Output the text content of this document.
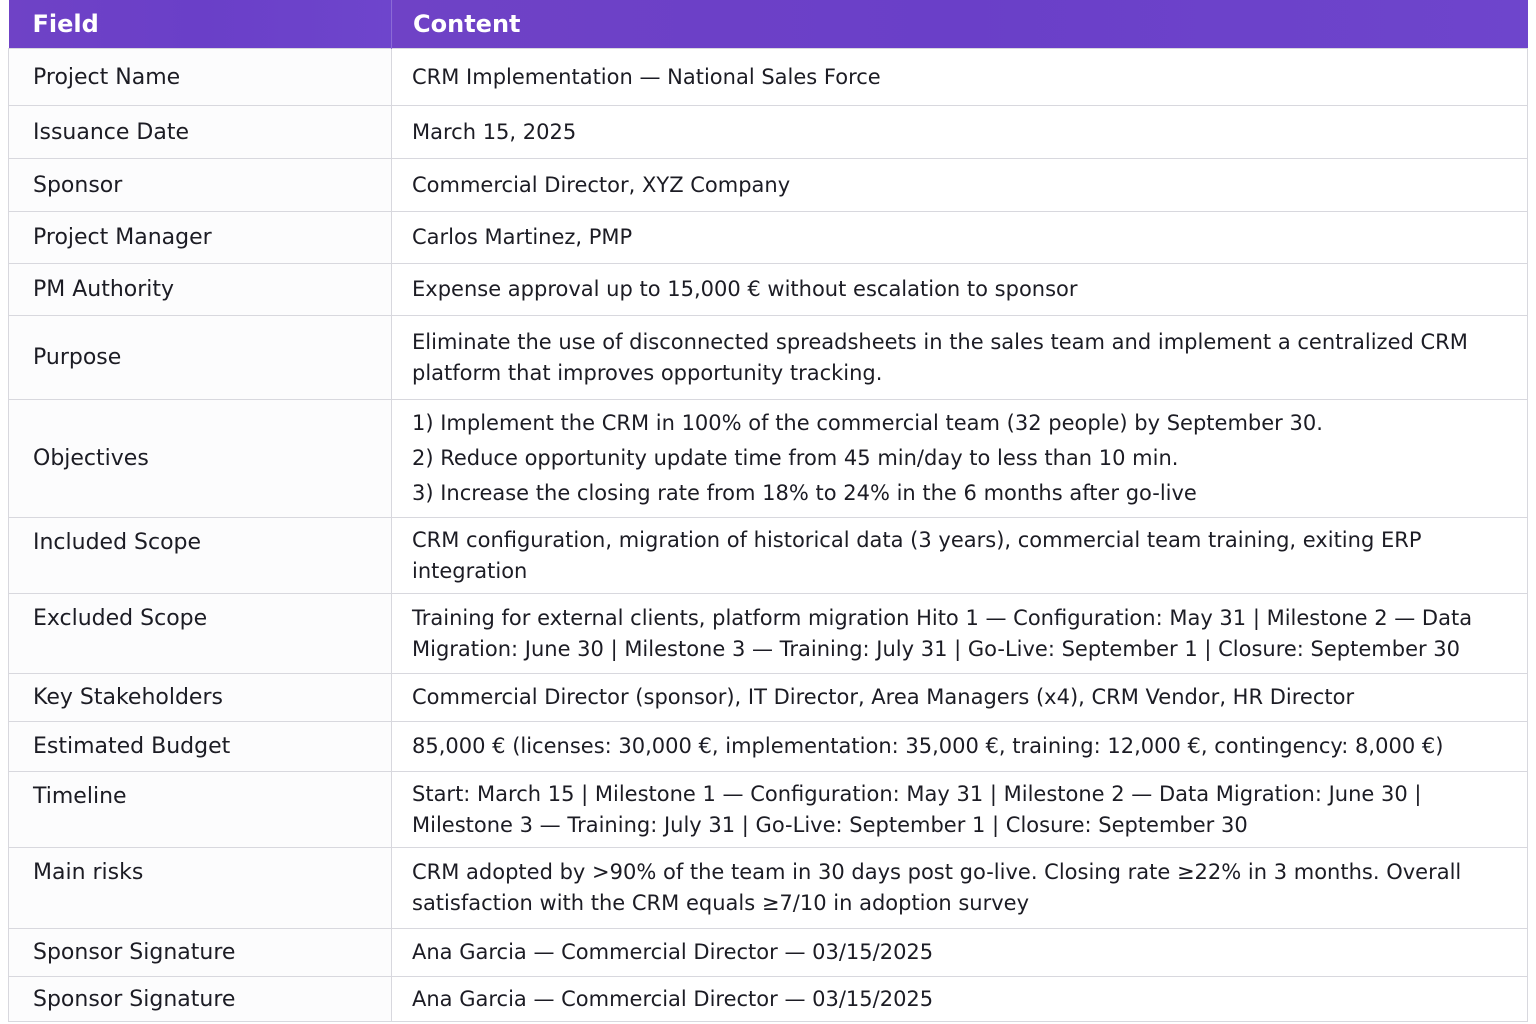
Field	Content
Project Name	CRM Implementation — National Sales Force
Issuance Date	March 15, 2025
Sponsor	Commercial Director, XYZ Company
Project Manager	Carlos Martinez, PMP
PM Authority	Expense approval up to 15,000 € without escalation to sponsor
Purpose	Eliminate the use of disconnected spreadsheets in the sales team and implement a centralized CRM platform that improves opportunity tracking.
Objectives	1) Implement the CRM in 100% of the commercial team (32 people) by September 30.
2) Reduce opportunity update time from 45 min/day to less than 10 min.
3) Increase the closing rate from 18% to 24% in the 6 months after go-live

Included Scope	CRM configuration, migration of historical data (3 years), commercial team training, exiting ERP integration
Excluded Scope	Training for external clients, platform migration Hito 1 — Configuration: May 31 | Milestone 2 — Data Migration: June 30 | Milestone 3 — Training: July 31 | Go-Live: September 1 | Closure: September 30
Key Stakeholders	Commercial Director (sponsor), IT Director, Area Managers (x4), CRM Vendor, HR Director
Estimated Budget	85,000 € (licenses: 30,000 €, implementation: 35,000 €, training: 12,000 €, contingency: 8,000 €)
Timeline	Start: March 15 | Milestone 1 — Configuration: May 31 | Milestone 2 — Data Migration: June 30 | Milestone 3 — Training: July 31 | Go-Live: September 1 | Closure: September 30
Main risks	CRM adopted by >90% of the team in 30 days post go-live. Closing rate ≥22% in 3 months. Overall satisfaction with the CRM equals ≥7/10 in adoption survey
Sponsor Signature	Ana Garcia — Commercial Director — 03/15/2025
Sponsor Signature	Ana Garcia — Commercial Director — 03/15/2025
